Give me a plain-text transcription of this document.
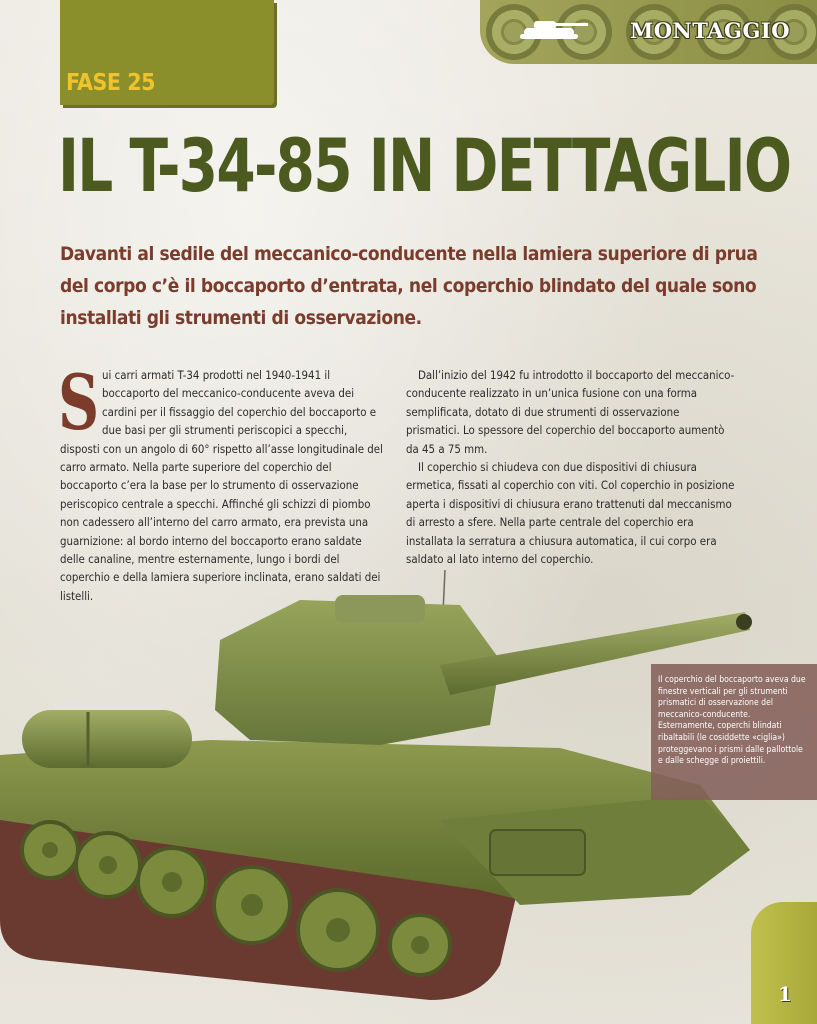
FASE 25
MONTAGGIO
IL T-34-85 IN DETTAGLIO
Davanti al sedile del meccanico-conducente nella lamiera superiore di prua del corpo c’è il boccaporto d’entrata, nel coperchio blindato del quale sono installati gli strumenti di osservazione.

Sui carri armati T-34 prodotti nel 1940-1941 il boccaporto del meccanico-conducente aveva dei cardini per il fissaggio del coperchio del boccaporto e due basi per gli strumenti periscopici a specchi, disposti con un angolo di 60° rispetto all’asse longitudinale del carro armato. Nella parte superiore del coperchio del boccaporto c’era la base per lo strumento di osservazione periscopico centrale a specchi. Affinché gli schizzi di piombo non cadessero all’interno del carro armato, era prevista una guarnizione: al bordo interno del boccaporto erano saldate delle canaline, mentre esternamente, lungo i bordi del coperchio e della lamiera superiore inclinata, erano saldati dei listelli.

Dall’inizio del 1942 fu introdotto il boccaporto del meccanico-conducente realizzato in un’unica fusione con una forma semplificata, dotato di due strumenti di osservazione prismatici. Lo spessore del coperchio del boccaporto aumentò da 45 a 75 mm.

Il coperchio si chiudeva con due dispositivi di chiusura ermetica, fissati al coperchio con viti. Col coperchio in posizione aperta i dispositivi di chiusura erano trattenuti dal meccanismo di arresto a sfere. Nella parte centrale del coperchio era installata la serratura a chiusura automatica, il cui corpo era saldato al lato interno del coperchio.

Il coperchio del boccaporto aveva due finestre verticali per gli strumenti prismatici di osservazione del meccanico-conducente. Esternamente, coperchi blindati ribaltabili (le cosiddette «ciglia») proteggevano i prismi dalle pallottole e dalle schegge di proiettili.
1
